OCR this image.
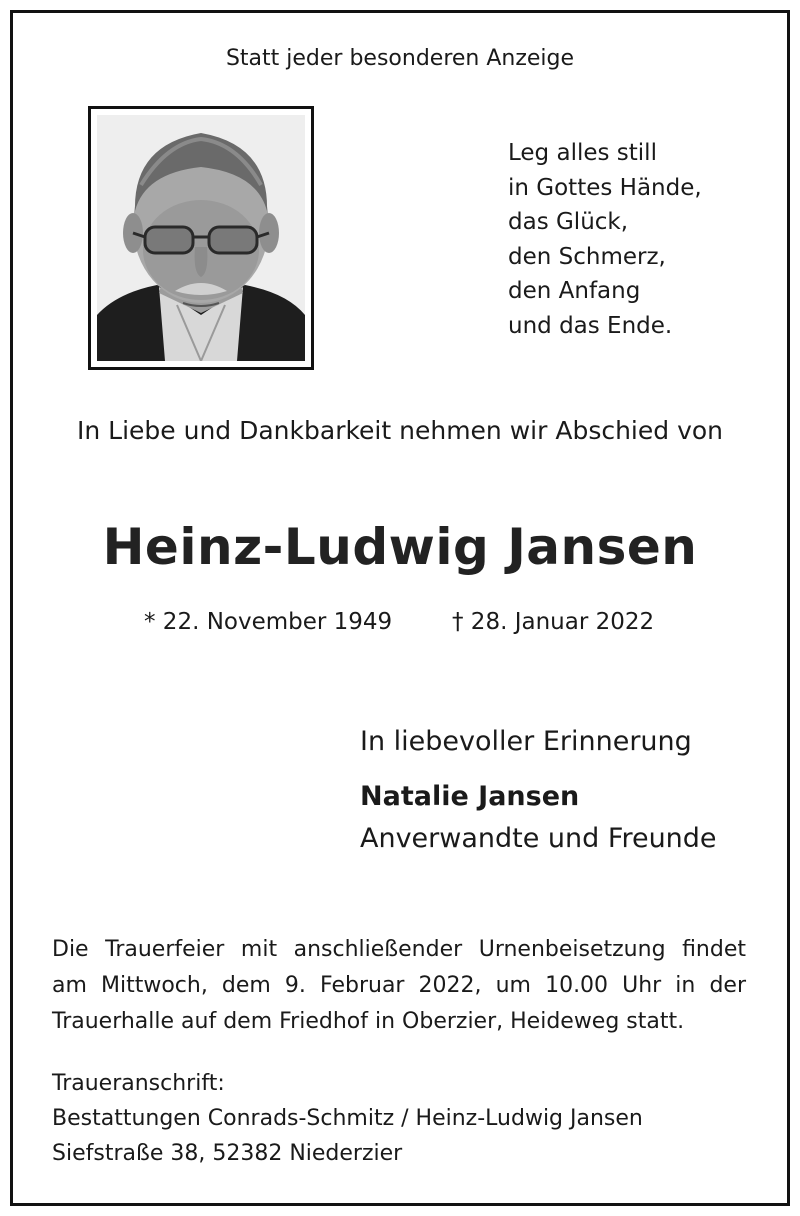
Statt jeder besonderen Anzeige
Leg alles still
in Gottes Hände,
das Glück,
den Schmerz,
den Anfang
und das Ende.
In Liebe und Dankbarkeit nehmen wir Abschied von
Heinz-Ludwig Jansen
* 22. November 1949	† 28. Januar 2022
In liebevoller Erinnerung
Natalie Jansen
Anverwandte und Freunde
Die Trauerfeier mit anschließender Urnenbeisetzung findet
am Mittwoch, dem 9. Februar 2022, um 10.00 Uhr in der
Trauerhalle auf dem Friedhof in Oberzier, Heideweg statt.
Traueranschrift:
Bestattungen Conrads-Schmitz / Heinz-Ludwig Jansen
Siefstraße 38, 52382 Niederzier
